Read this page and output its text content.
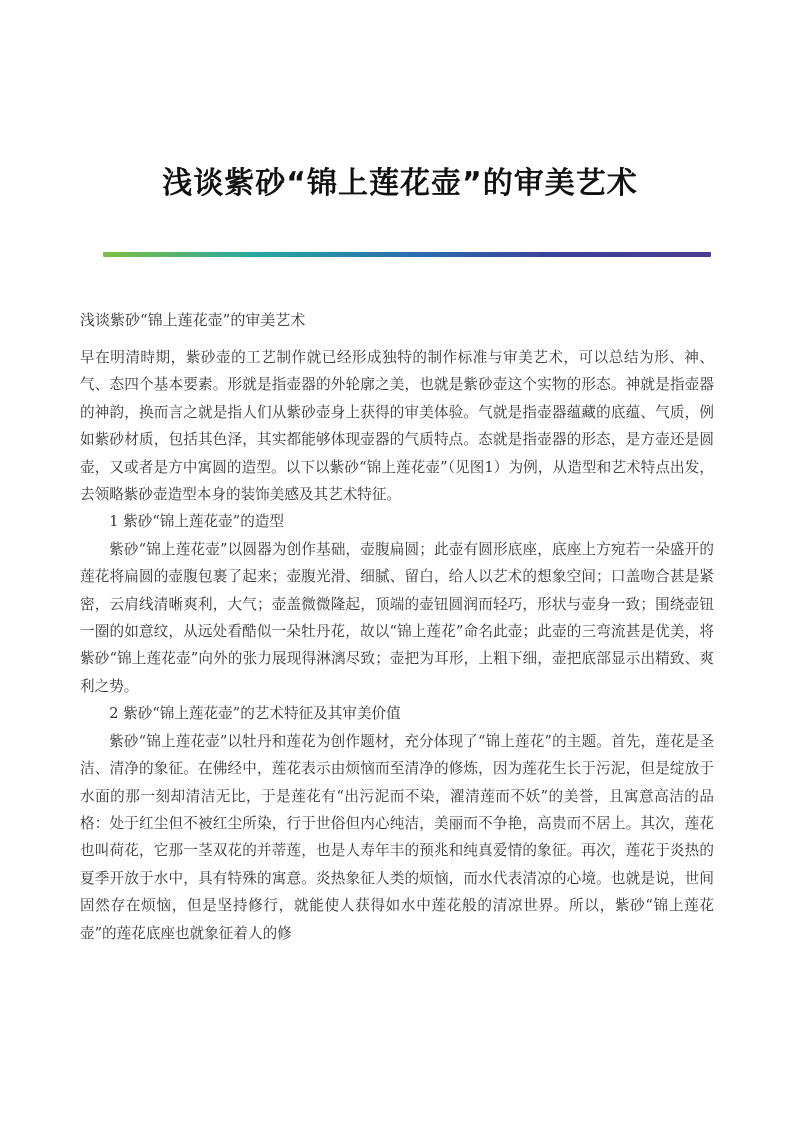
浅谈紫砂“锦上莲花壶”的审美艺术

浅谈紫砂“锦上莲花壶”的审美艺术

早在明清時期，紫砂壶的工艺制作就已经形成独特的制作标准与审美艺术，可以总结为形、神、气、态四个基本要素。形就是指壶器的外轮廓之美，也就是紫砂壶这个实物的形态。神就是指壶器的神韵，换而言之就是指人们从紫砂壶身上获得的审美体验。气就是指壶器蕴藏的底蕴、气质，例如紫砂材质，包括其色泽，其实都能够体现壶器的气质特点。态就是指壶器的形态，是方壶还是圆壶，又或者是方中寓圆的造型。以下以紫砂“锦上莲花壶”（见图1）为例，从造型和艺术特点出发，去领略紫砂壶造型本身的装饰美感及其艺术特征。

1 紫砂“锦上莲花壶”的造型

紫砂“锦上莲花壶”以圆器为创作基础，壶腹扁圆；此壶有圆形底座，底座上方宛若一朵盛开的莲花将扁圆的壶腹包裹了起来；壶腹光滑、细腻、留白，给人以艺术的想象空间；口盖吻合甚是紧密，云肩线清晰爽利，大气；壶盖微微隆起，顶端的壶钮圆润而轻巧，形状与壶身一致；围绕壶钮一圈的如意纹，从远处看酷似一朵牡丹花，故以“锦上莲花”命名此壶；此壶的三弯流甚是优美，将紫砂“锦上莲花壶”向外的张力展现得淋漓尽致；壶把为耳形，上粗下细，壶把底部显示出精致、爽利之势。

2 紫砂“锦上莲花壶”的艺术特征及其审美价值

紫砂“锦上莲花壶”以牡丹和莲花为创作题材，充分体现了“锦上莲花”的主题。首先，莲花是圣洁、清净的象征。在佛经中，莲花表示由烦恼而至清净的修炼，因为莲花生长于污泥，但是绽放于水面的那一刻却清洁无比，于是莲花有“出污泥而不染，濯清莲而不妖”的美誉，且寓意高洁的品格：处于红尘但不被红尘所染，行于世俗但内心纯洁，美丽而不争艳，高贵而不居上。其次，莲花也叫荷花，它那一茎双花的并蒂莲，也是人寿年丰的预兆和纯真爱情的象征。再次，莲花于炎热的夏季开放于水中，具有特殊的寓意。炎热象征人类的烦恼，而水代表清凉的心境。也就是说，世间固然存在烦恼，但是坚持修行，就能使人获得如水中莲花般的清凉世界。所以，紫砂“锦上莲花壶”的莲花底座也就象征着人的修
